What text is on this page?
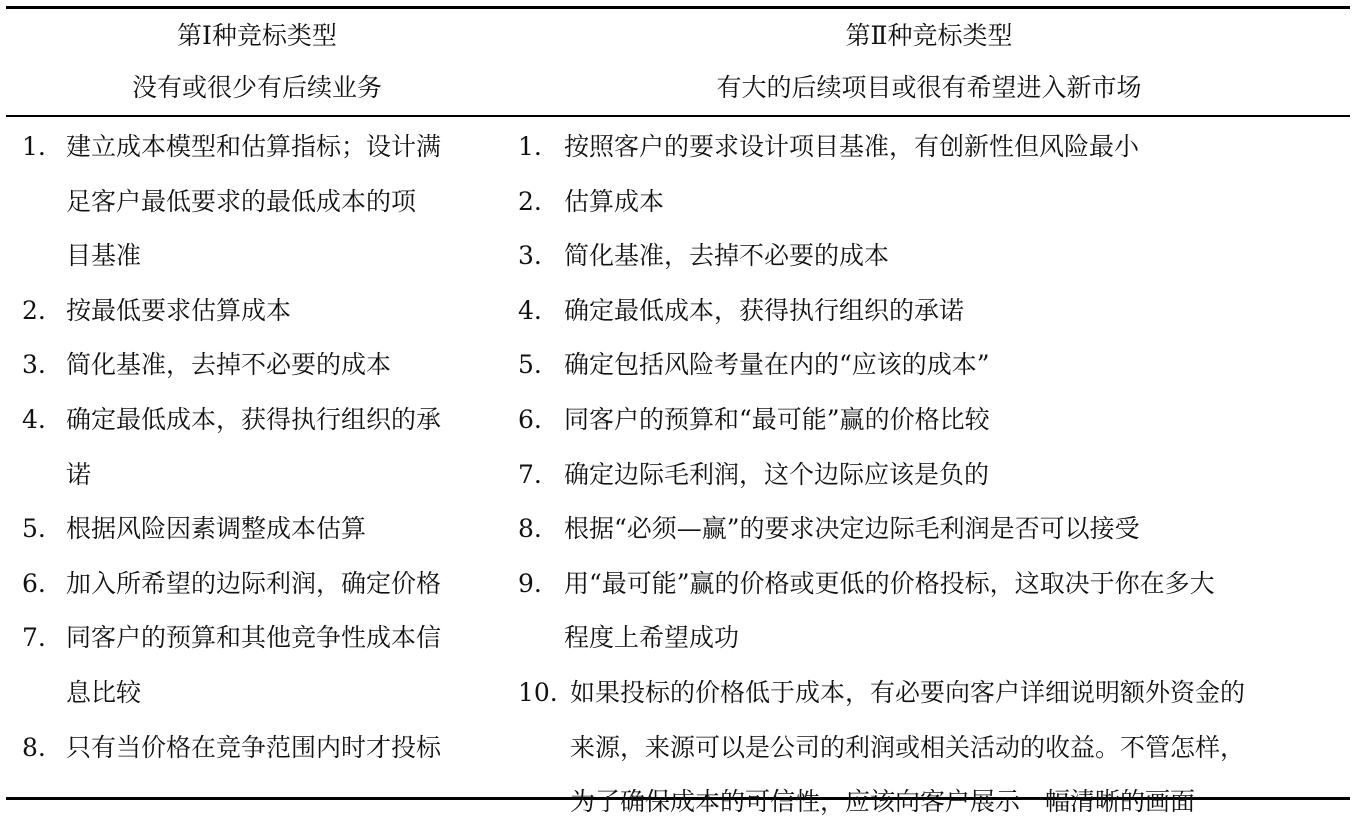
第Ⅰ种竞标类型
没有或很少有后续业务
第Ⅱ种竞标类型
有大的后续项目或很有希望进入新市场
1. 建立成本模型和估算指标；设计满
足客户最低要求的最低成本的项
目基准
2. 按最低要求估算成本
3. 简化基准，去掉不必要的成本
4. 确定最低成本，获得执行组织的承
诺
5. 根据风险因素调整成本估算
6. 加入所希望的边际利润，确定价格
7. 同客户的预算和其他竞争性成本信
息比较
8. 只有当价格在竞争范围内时才投标
1. 按照客户的要求设计项目基准，有创新性但风险最小
2. 估算成本
3. 简化基准，去掉不必要的成本
4. 确定最低成本，获得执行组织的承诺
5. 确定包括风险考量在内的“应该的成本”
6. 同客户的预算和“最可能”赢的价格比较
7. 确定边际毛利润，这个边际应该是负的
8. 根据“必须—赢”的要求决定边际毛利润是否可以接受
9. 用“最可能”赢的价格或更低的价格投标，这取决于你在多大
程度上希望成功
10. 如果投标的价格低于成本，有必要向客户详细说明额外资金的
来源，来源可以是公司的利润或相关活动的收益。不管怎样，
为了确保成本的可信性，应该向客户展示一幅清晰的画面
